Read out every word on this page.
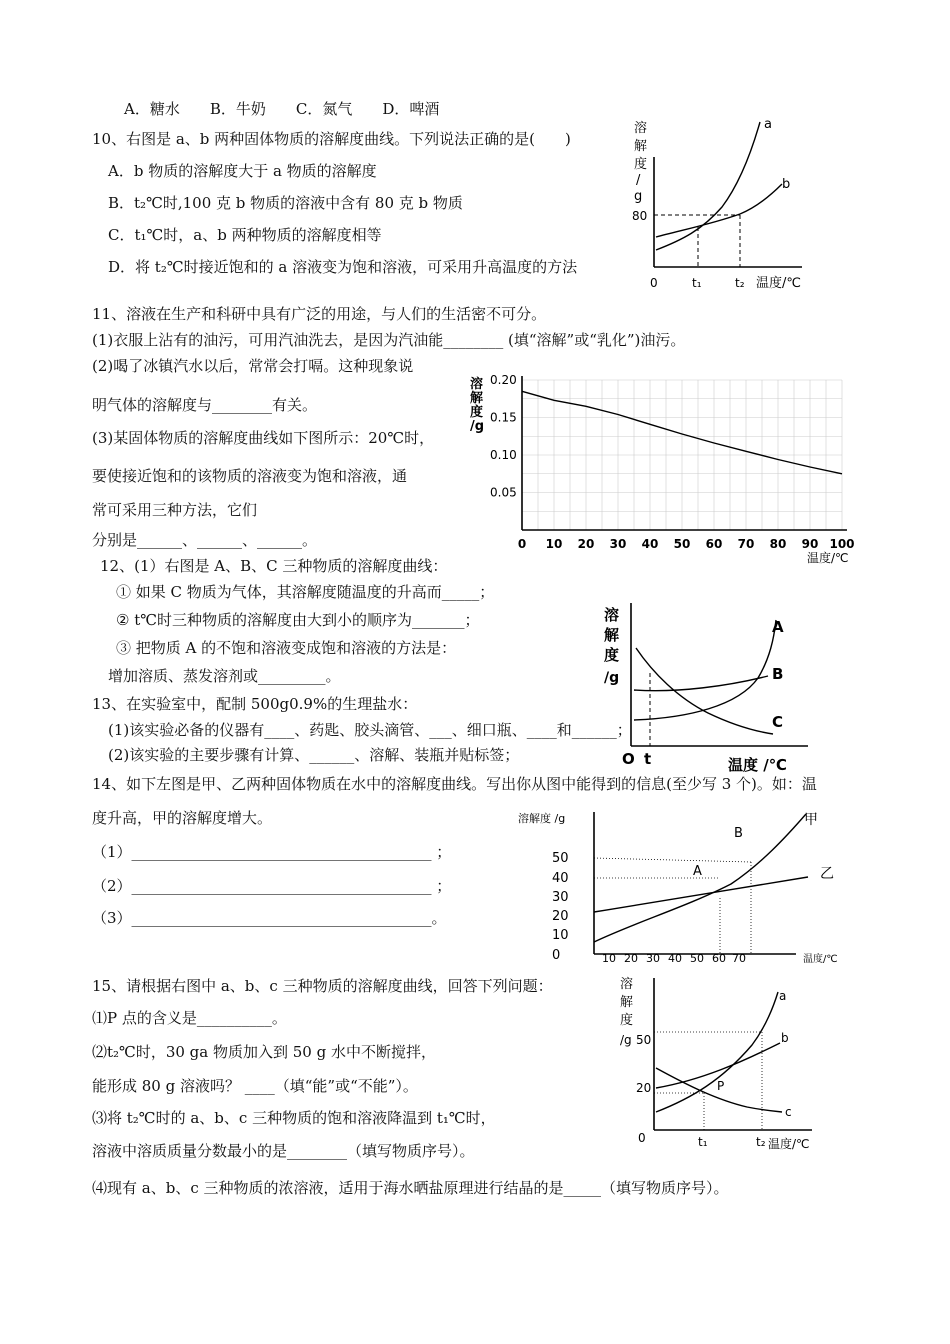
A．糖水　　B．牛奶　　C．氮气　　D．啤酒
10、右图是 a、b 两种固体物质的溶解度曲线。下列说法正确的是(　　)
A．b 物质的溶解度大于 a 物质的溶解度
B．t₂℃时,100 克 b 物质的溶液中含有 80 克 b 物质
C．t₁℃时，a、b 两种物质的溶解度相等
D．将 t₂℃时接近饱和的 a 溶液变为饱和溶液，可采用升高温度的方法
溶
解
度
/
g
80
a
b
0	t₁	t₂ 温度/℃
11、溶液在生产和科研中具有广泛的用途，与人们的生活密不可分。
(1)衣服上沾有的油污，可用汽油洗去，是因为汽油能________ (填“溶解”或“乳化”)油污。
(2)喝了冰镇汽水以后，常常会打嗝。这种现象说
明气体的溶解度与________有关。
(3)某固体物质的溶解度曲线如下图所示：20℃时，
要使接近饱和的该物质的溶液变为饱和溶液，通
常可采用三种方法，它们
分别是______、______、______。
溶
解
度
/g
0.20
0.15
0.10
0.05
0 10 20 30 40 50 60 70 80 90 100
温度/℃
12、(1）右图是 A、B、C 三种物质的溶解度曲线：
① 如果 C 物质为气体，其溶解度随温度的升高而_____；
② t℃时三种物质的溶解度由大到小的顺序为_______；
③ 把物质 A 的不饱和溶液变成饱和溶液的方法是：
增加溶质、蒸发溶剂或_________。
溶
解
度
/g
A
B
C
O t	温度 /℃
13、在实验室中，配制 500g0.9%的生理盐水：
(1)该实验必备的仪器有____、药匙、胶头滴管、___、细口瓶、____和______；
(2)该实验的主要步骤有计算、______、溶解、装瓶并贴标签；
14、如下左图是甲、乙两种固体物质在水中的溶解度曲线。写出你从图中能得到的信息(至少写 3 个)。如：温
度升高，甲的溶解度增大。
（1）________________________________________ ；
（2）________________________________________ ；
（3）________________________________________。
溶解度 /g
50
40
30
20
10
0
甲
乙
B
A
10 20 30 40 50 60 70	温度/℃
15、请根据右图中 a、b、c 三种物质的溶解度曲线，回答下列问题：
⑴P 点的含义是__________。
⑵t₂℃时，30 ga 物质加入到 50 g 水中不断搅拌，
能形成 80 g 溶液吗？ ____（填“能”或“不能”）。
⑶将 t₂℃时的 a、b、c 三种物质的饱和溶液降温到 t₁℃时，
溶液中溶质质量分数最小的是________（填写物质序号）。
⑷现有 a、b、c 三种物质的浓溶液，适用于海水晒盐原理进行结晶的是_____（填写物质序号）。
溶
解
度
/g 50
20
0
a
b
c
P
t₁	t₂ 温度/℃
